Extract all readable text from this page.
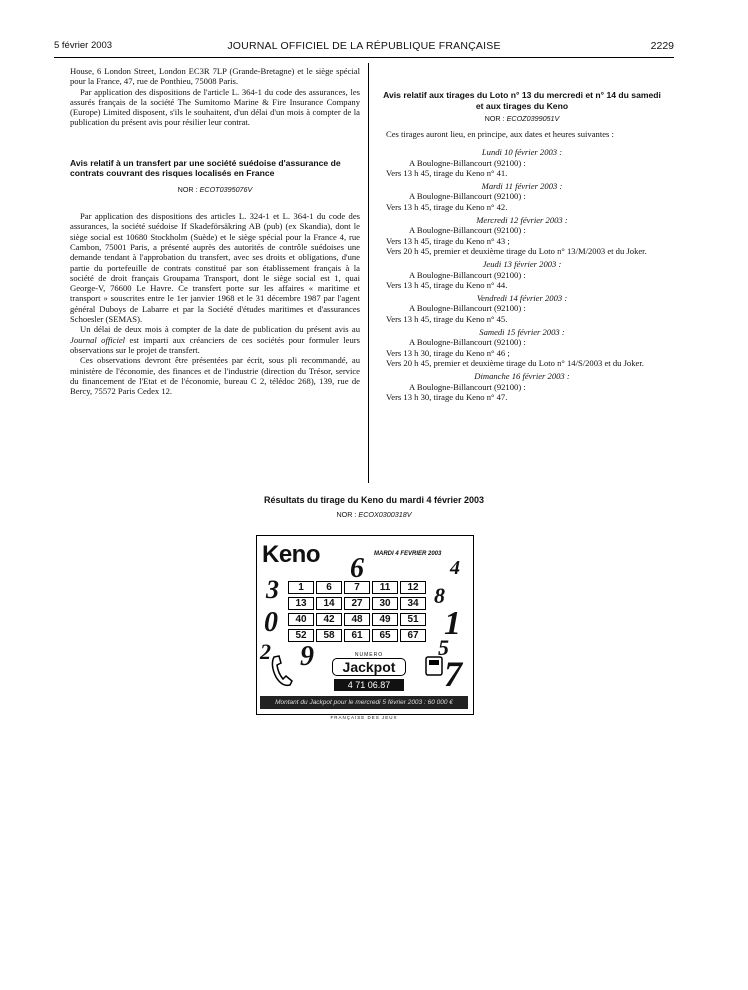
5 février 2003	JOURNAL OFFICIEL DE LA RÉPUBLIQUE FRANÇAISE	2229

House, 6 London Street, London EC3R 7LP (Grande-Bretagne) et le siège spécial pour la France, 47, rue de Ponthieu, 75008 Paris.

Par application des dispositions de l'article L. 364-1 du code des assurances, les assurés français de la société The Sumitomo Marine & Fire Insurance Company (Europe) Limited disposent, s'ils le souhaitent, d'un délai d'un mois à compter de la publication du présent avis pour résilier leur contrat.

Avis relatif à un transfert par une société suédoise d'assurance de contrats couvrant des risques localisés en France
NOR : ECOT0395076V

Par application des dispositions des articles L. 324-1 et L. 364-1 du code des assurances, la société suédoise If Skadeförsäkring AB (pub) (ex Skandia), dont le siège social est 10680 Stockholm (Suède) et le siège spécial pour la France 4, rue Cambon, 75001 Paris, a présenté auprès des autorités de contrôle suédoises une demande tendant à l'approbation du transfert, avec ses droits et obligations, d'une partie du portefeuille de contrats constitué par son établissement français à la société de droit français Groupama Transport, dont le siège social est 1, quai George-V, 76600 Le Havre. Ce transfert porte sur les affaires « maritime et transport » souscrites entre le 1er janvier 1968 et le 31 décembre 1987 par l'agent général Duboys de Labarre et par la Société d'études maritimes et d'assurances Schoesler (SEMAS).

Un délai de deux mois à compter de la date de publication du présent avis au Journal officiel est imparti aux créanciers de ces sociétés pour formuler leurs observations sur le projet de transfert.

Ces observations devront être présentées par écrit, sous pli recommandé, au ministère de l'économie, des finances et de l'industrie (direction du Trésor, service du financement de l'Etat et de l'économie, bureau C 2, télédoc 268), 139, rue de Bercy, 75572 Paris Cedex 12.

Avis relatif aux tirages du Loto n° 13 du mercredi et n° 14 du samedi et aux tirages du Keno
NOR : ECOZ0399051V

Ces tirages auront lieu, en principe, aux dates et heures suivantes :

Lundi 10 février 2003 :
A Boulogne-Billancourt (92100) :
Vers 13 h 45, tirage du Keno n° 41.
Mardi 11 février 2003 :
A Boulogne-Billancourt (92100) :
Vers 13 h 45, tirage du Keno n° 42.
Mercredi 12 février 2003 :
A Boulogne-Billancourt (92100) :
Vers 13 h 45, tirage du Keno n° 43 ;
Vers 20 h 45, premier et deuxième tirage du Loto n° 13/M/2003 et du Joker.
Jeudi 13 février 2003 :
A Boulogne-Billancourt (92100) :
Vers 13 h 45, tirage du Keno n° 44.
Vendredi 14 février 2003 :
A Boulogne-Billancourt (92100) :
Vers 13 h 45, tirage du Keno n° 45.
Samedi 15 février 2003 :
A Boulogne-Billancourt (92100) :
Vers 13 h 30, tirage du Keno n° 46 ;
Vers 20 h 45, premier et deuxième tirage du Loto n° 14/S/2003 et du Joker.
Dimanche 16 février 2003 :
A Boulogne-Billancourt (92100) :
Vers 13 h 30, tirage du Keno n° 47.
Résultats du tirage du Keno du mardi 4 février 2003
NOR : ECOX0300318V
Keno	MARDI 4 FEVRIER 2003
1	6	7	11	12
13	14	27	30	34
40	42	48	49	51
52	58	61	65	67
3
6	4
8
0	1
2 9	5
7
NUMERO
Jackpot
4 71 06.87
Montant du Jackpot pour le mercredi 5 février 2003 : 60 000 €
FRANÇAISE DES JEUX
